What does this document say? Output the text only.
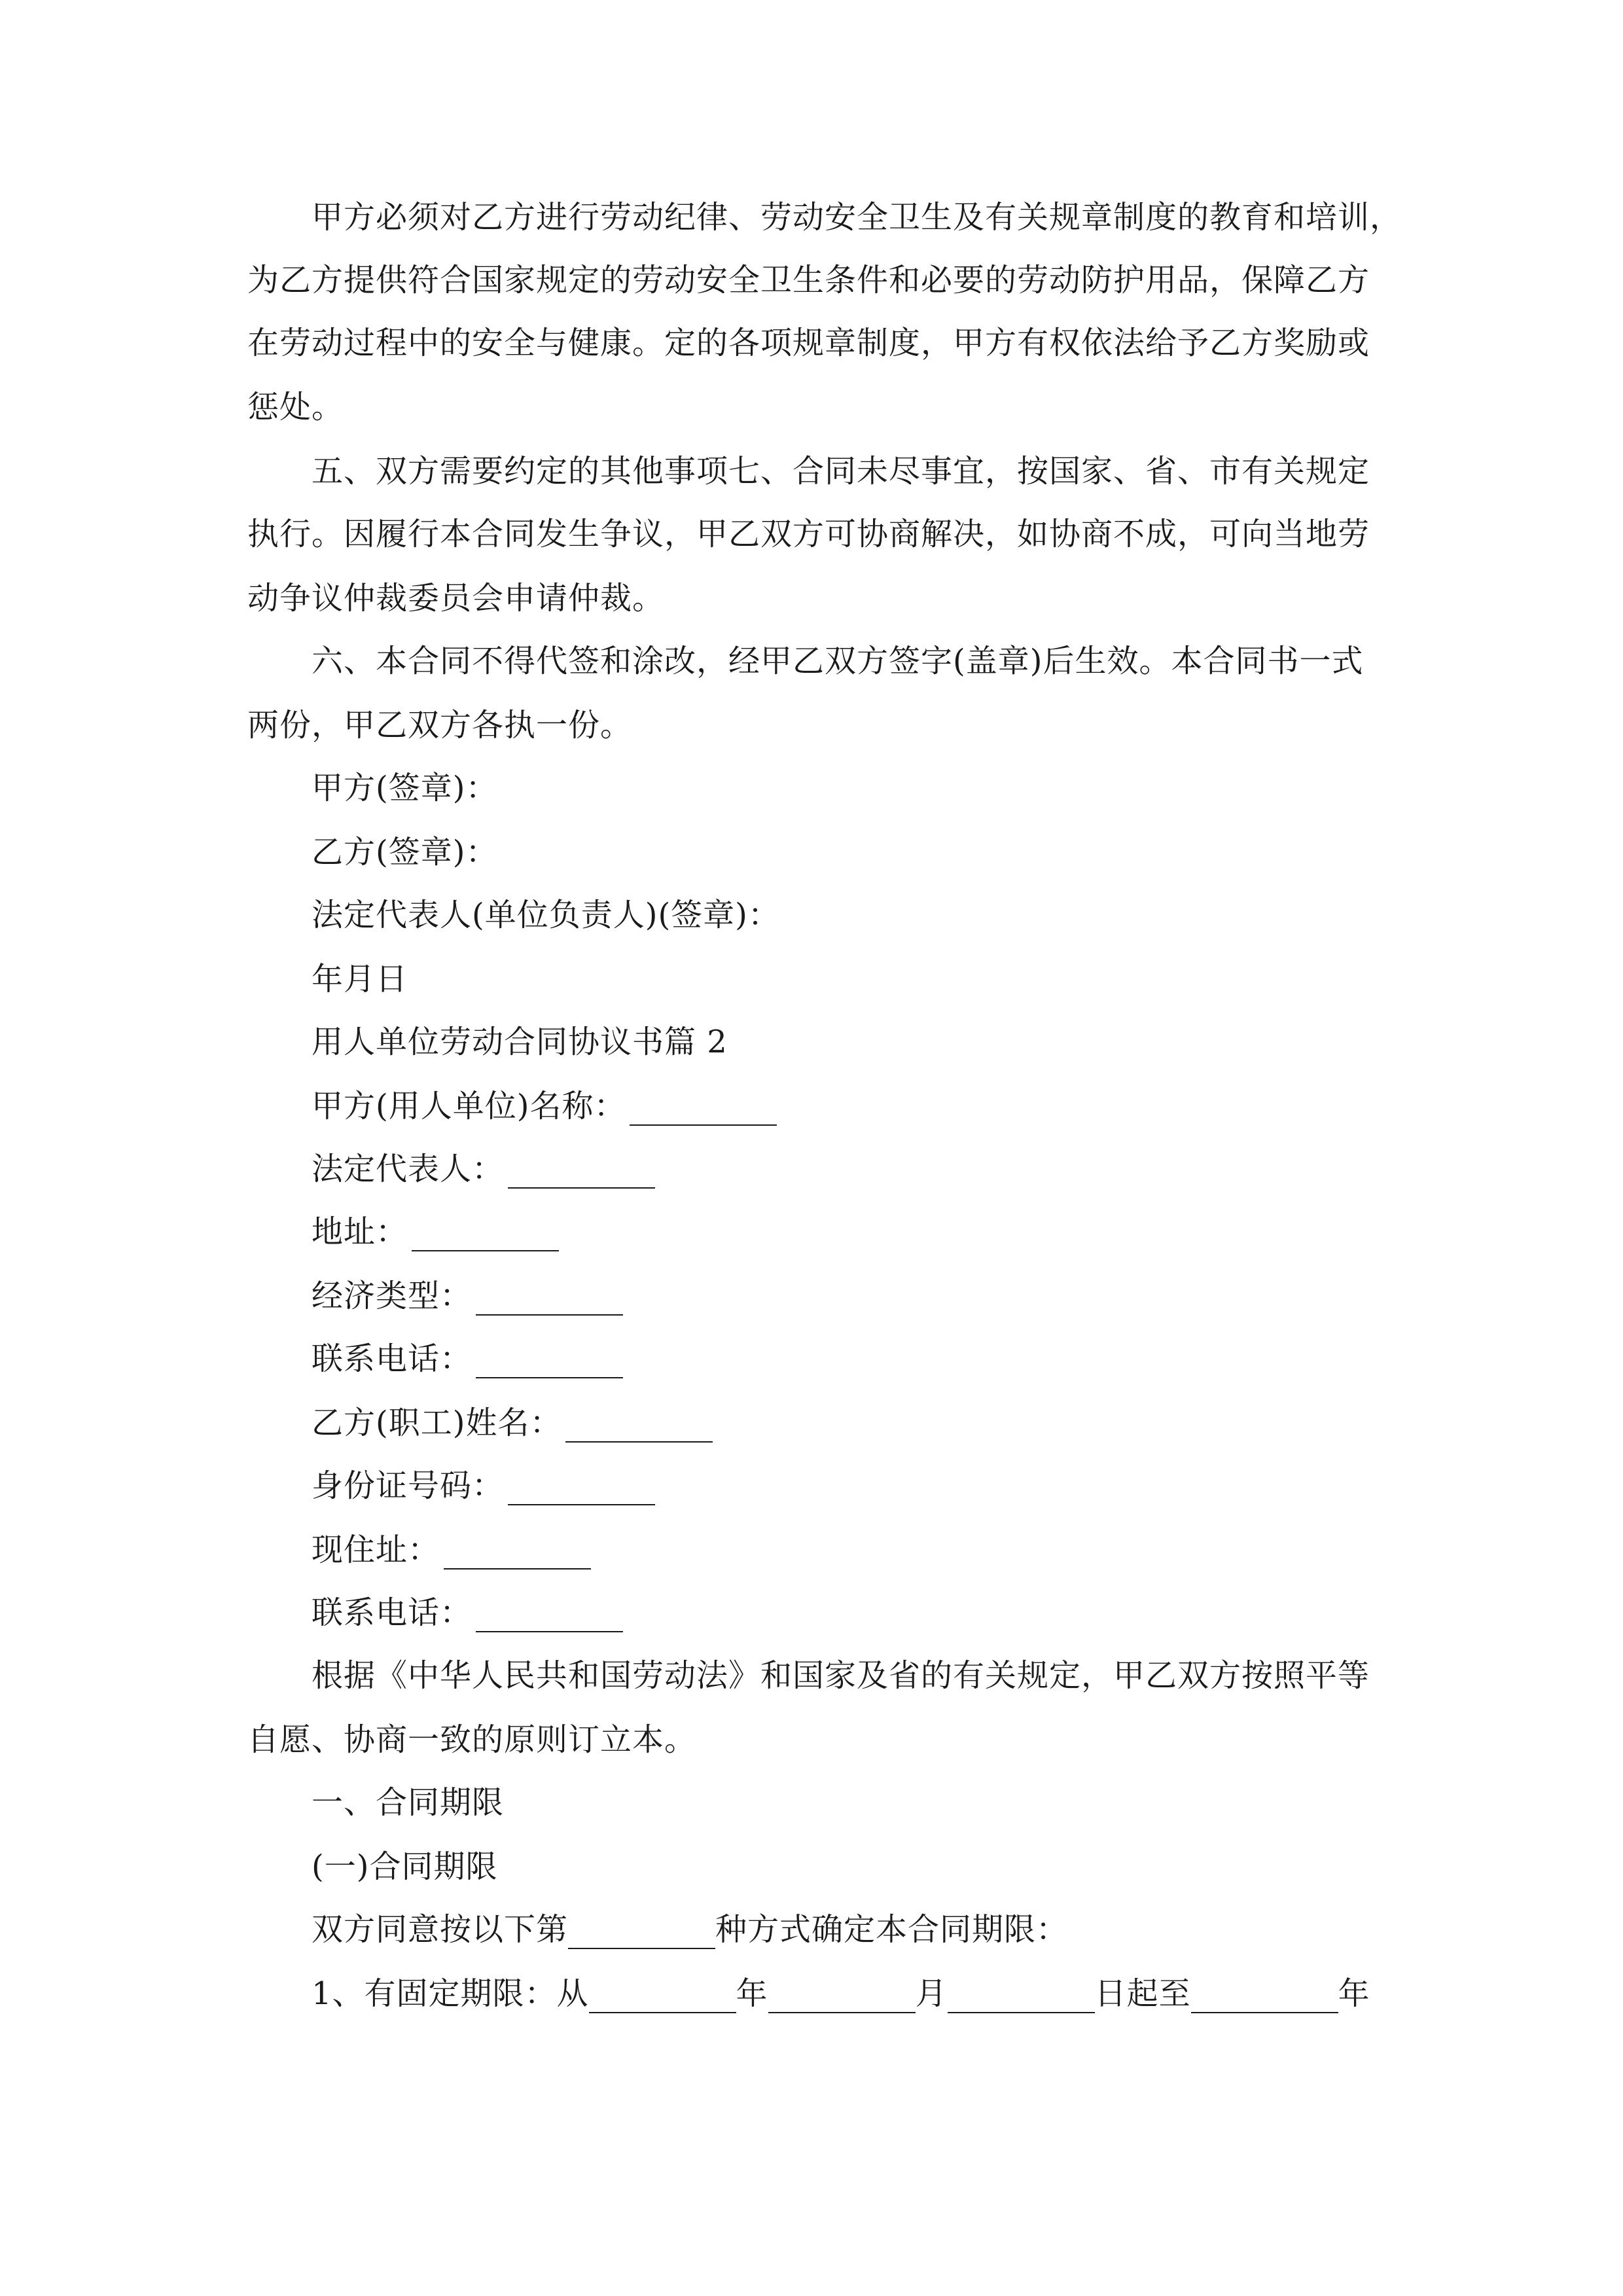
甲方必须对乙方进行劳动纪律、劳动安全卫生及有关规章制度的教育和培训，
为乙方提供符合国家规定的劳动安全卫生条件和必要的劳动防护用品，保障乙方
在劳动过程中的安全与健康。定的各项规章制度，甲方有权依法给予乙方奖励或
惩处。
五、双方需要约定的其他事项七、合同未尽事宜，按国家、省、市有关规定
执行。因履行本合同发生争议，甲乙双方可协商解决，如协商不成，可向当地劳
动争议仲裁委员会申请仲裁。
六、本合同不得代签和涂改，经甲乙双方签字(盖章)后生效。本合同书一式
两份，甲乙双方各执一份。
甲方(签章)：
乙方(签章)：
法定代表人(单位负责人)(签章)：
年月日
用人单位劳动合同协议书篇 2
甲方(用人单位)名称：
法定代表人：
地址：
经济类型：
联系电话：
乙方(职工)姓名：
身份证号码：
现住址：
联系电话：
根据《中华人民共和国劳动法》和国家及省的有关规定，甲乙双方按照平等
自愿、协商一致的原则订立本。
一、合同期限
(一)合同期限
双方同意按以下第	种方式确定本合同期限：
1、有固定期限：从	年	月	日起至	年
